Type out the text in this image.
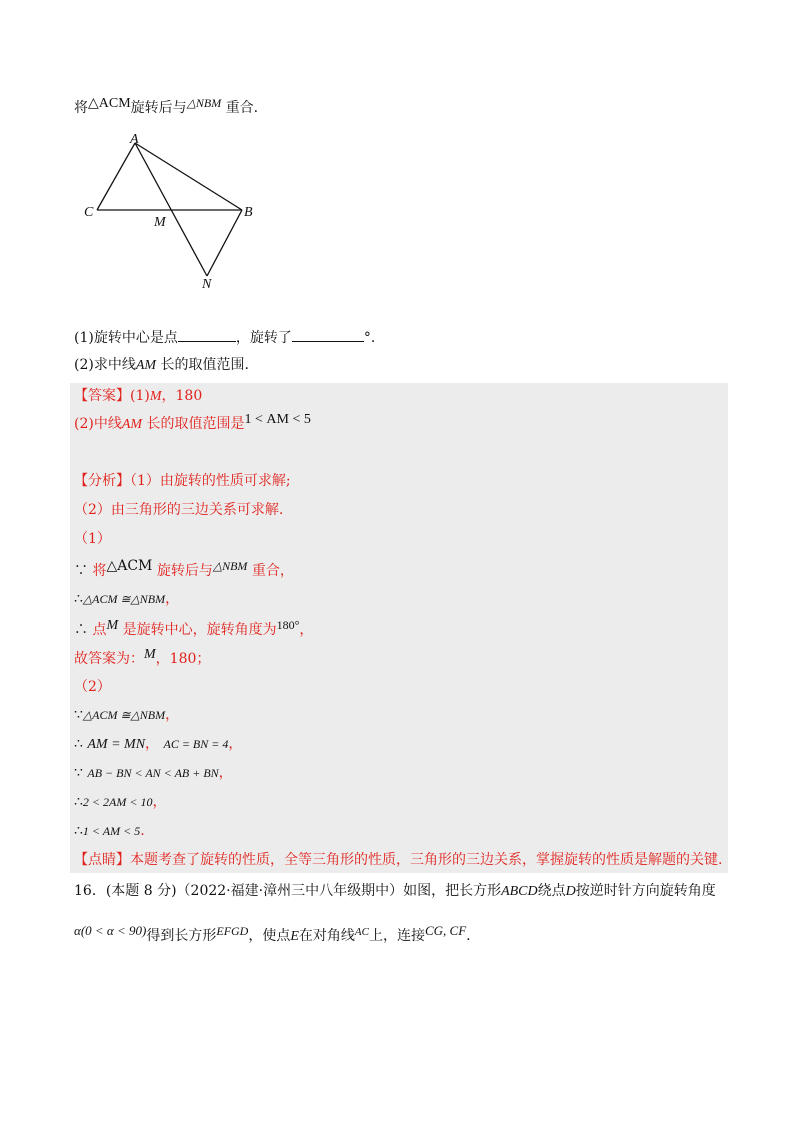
将△ACM旋转后与△NBM 重合.
A
C
M
B
N
(1)旋转中心是点	，旋转了	°.
(2)求中线AM 长的取值范围.
【答案】(1)M，180
(2)中线AM 长的取值范围是1 < AM < 5
【分析】（1）由旋转的性质可求解;
（2）由三角形的三边关系可求解.
（1）
∵ 将△ACM 旋转后与△NBM 重合，
∴△ACM ≅△NBM，
∴ 点M 是旋转中心，旋转角度为180°，
故答案为：M，180；
（2）
∵△ACM ≅△NBM，
∴ AM = MN， AC = BN = 4，
∵ AB − BN < AN < AB + BN，
∴2 < 2AM < 10，
∴1 < AM < 5.
【点睛】本题考查了旋转的性质，全等三角形的性质，三角形的三边关系，掌握旋转的性质是解题的关键.
16．(本题 8 分)（2022·福建·漳州三中八年级期中）如图，把长方形ABCD绕点D按逆时针方向旋转角度
α(0 < α < 90)得到长方形EFGD，使点E在对角线$^{AC}$上，连接CG, CF.
